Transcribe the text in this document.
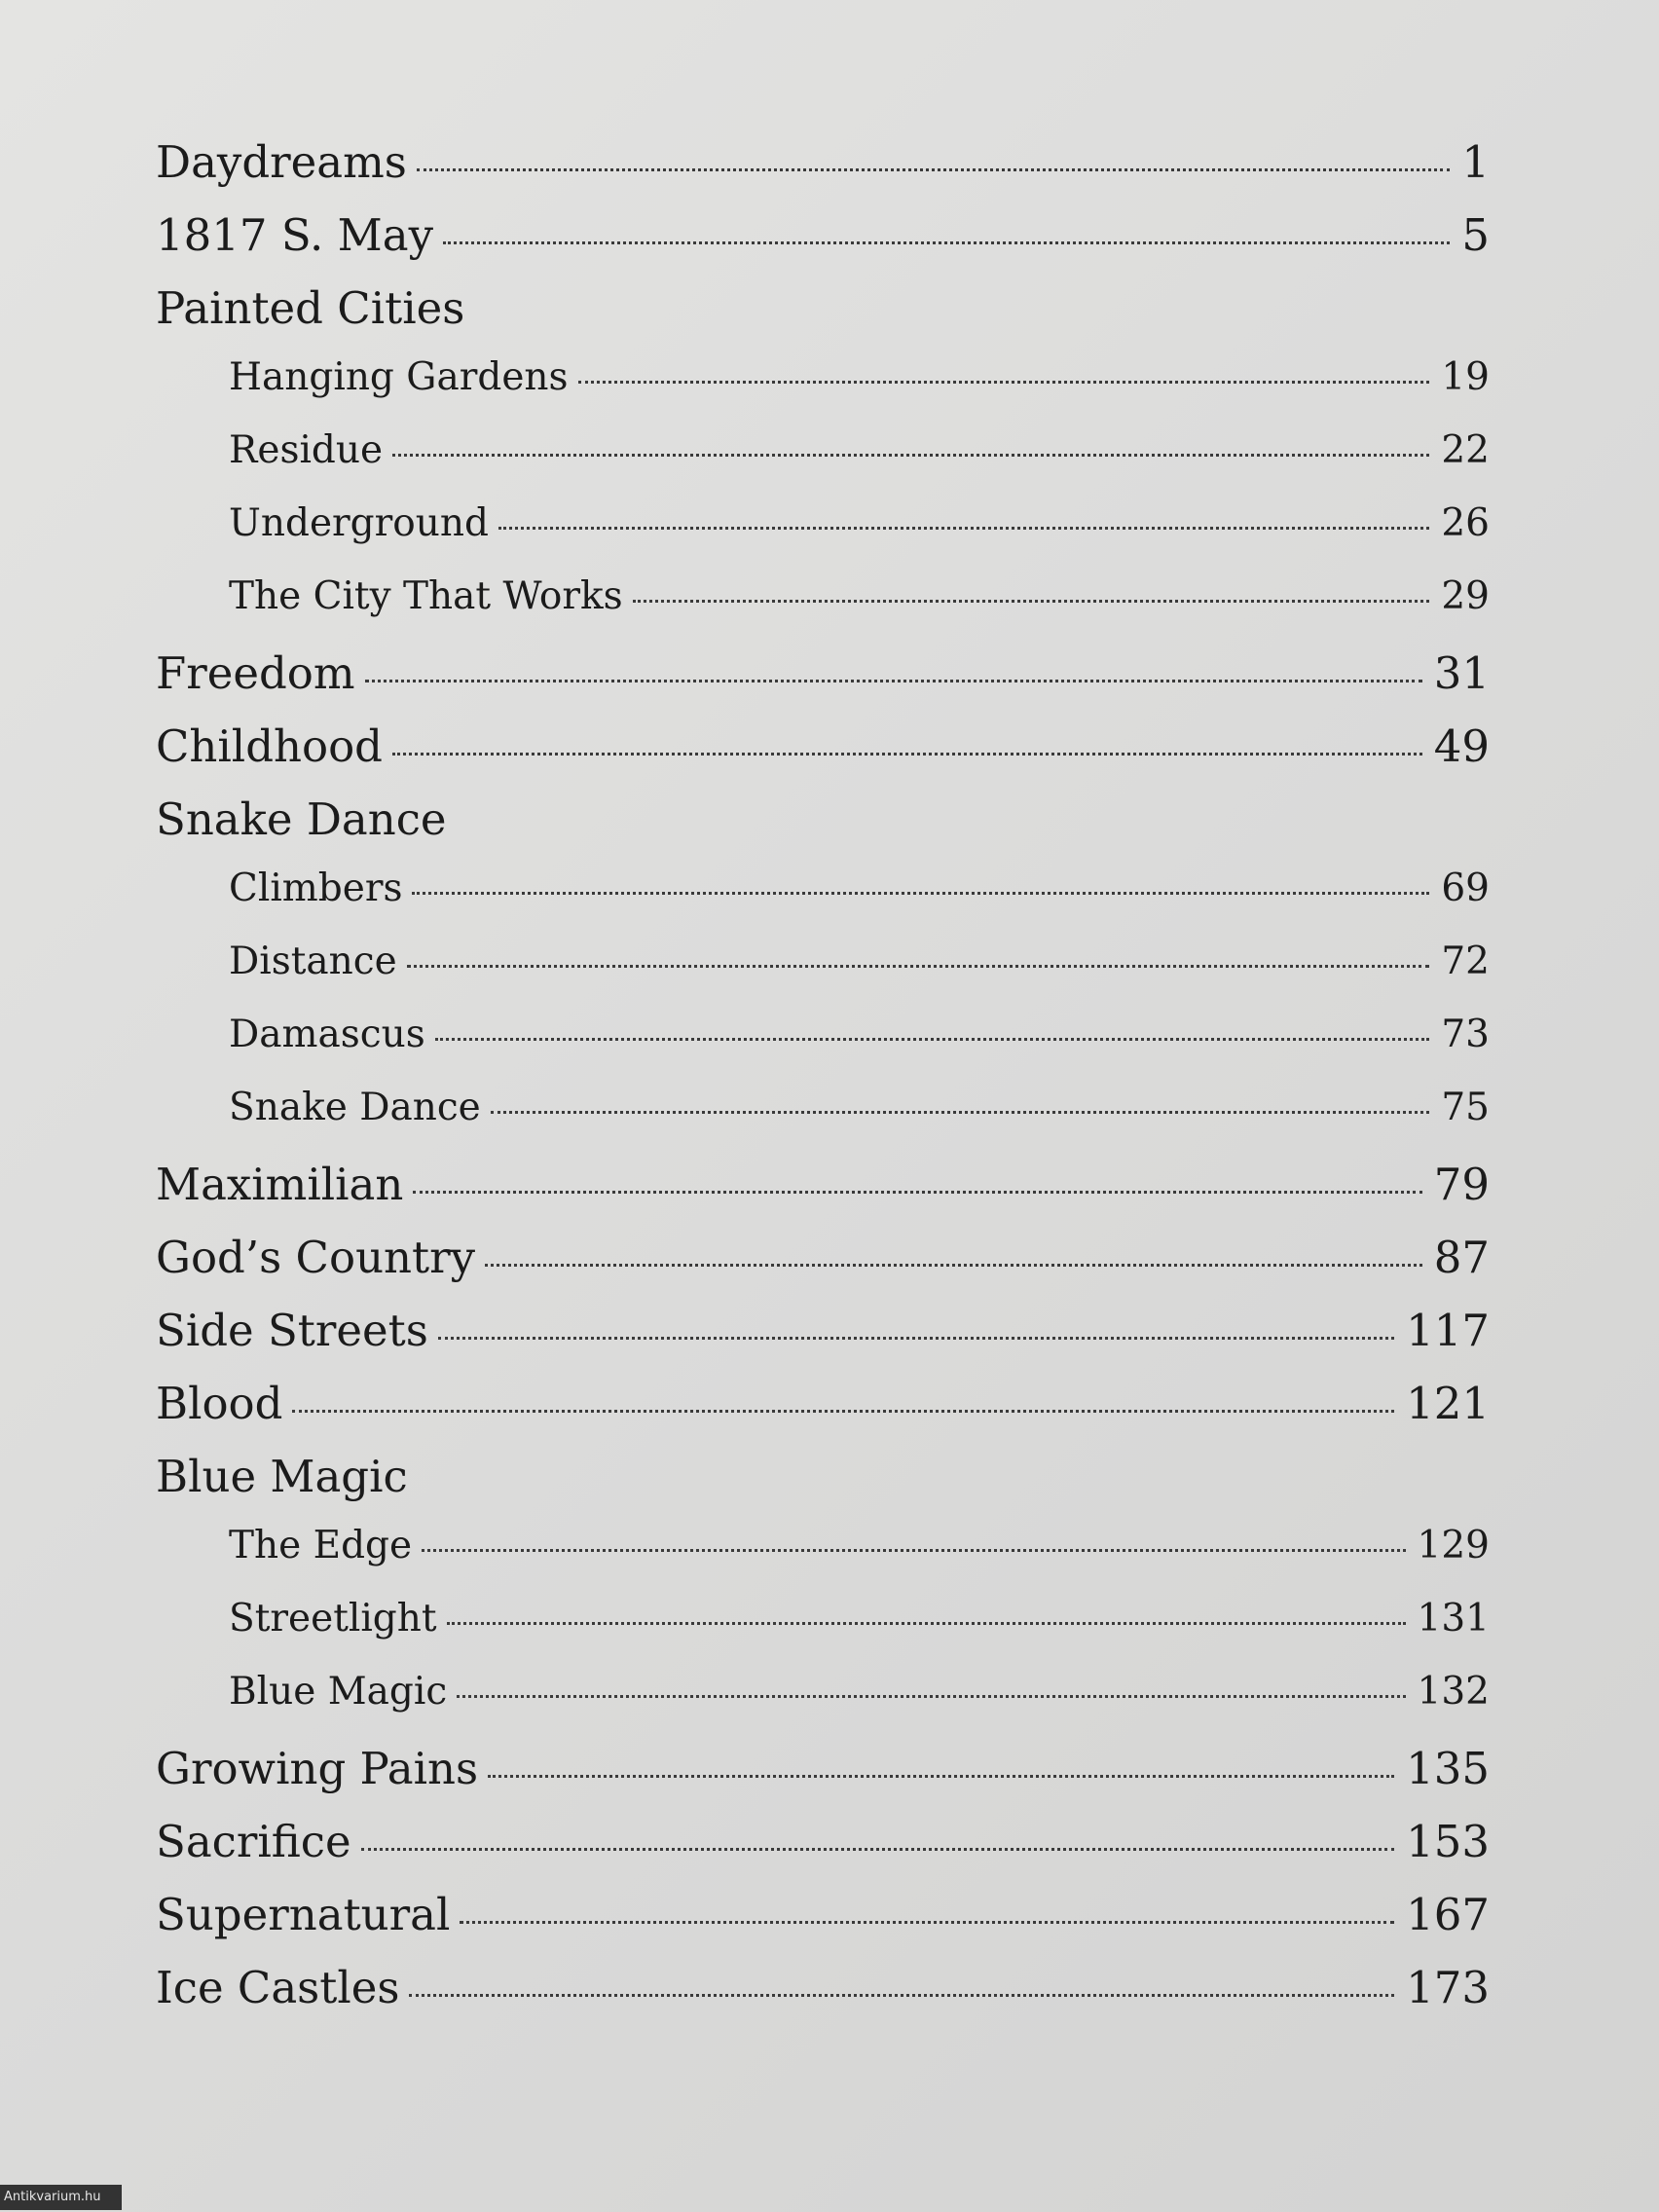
Daydreams	1
1817 S. May	5
Painted Cities
Hanging Gardens	19
Residue	22
Underground	26
The City That Works	29
Freedom	31
Childhood	49
Snake Dance
Climbers	69
Distance	72
Damascus	73
Snake Dance	75
Maximilian	79
God’s Country	87
Side Streets	117
Blood	121
Blue Magic
The Edge	129
Streetlight	131
Blue Magic	132
Growing Pains	135
Sacrifice	153
Supernatural	167
Ice Castles	173
Antikvarium.hu
